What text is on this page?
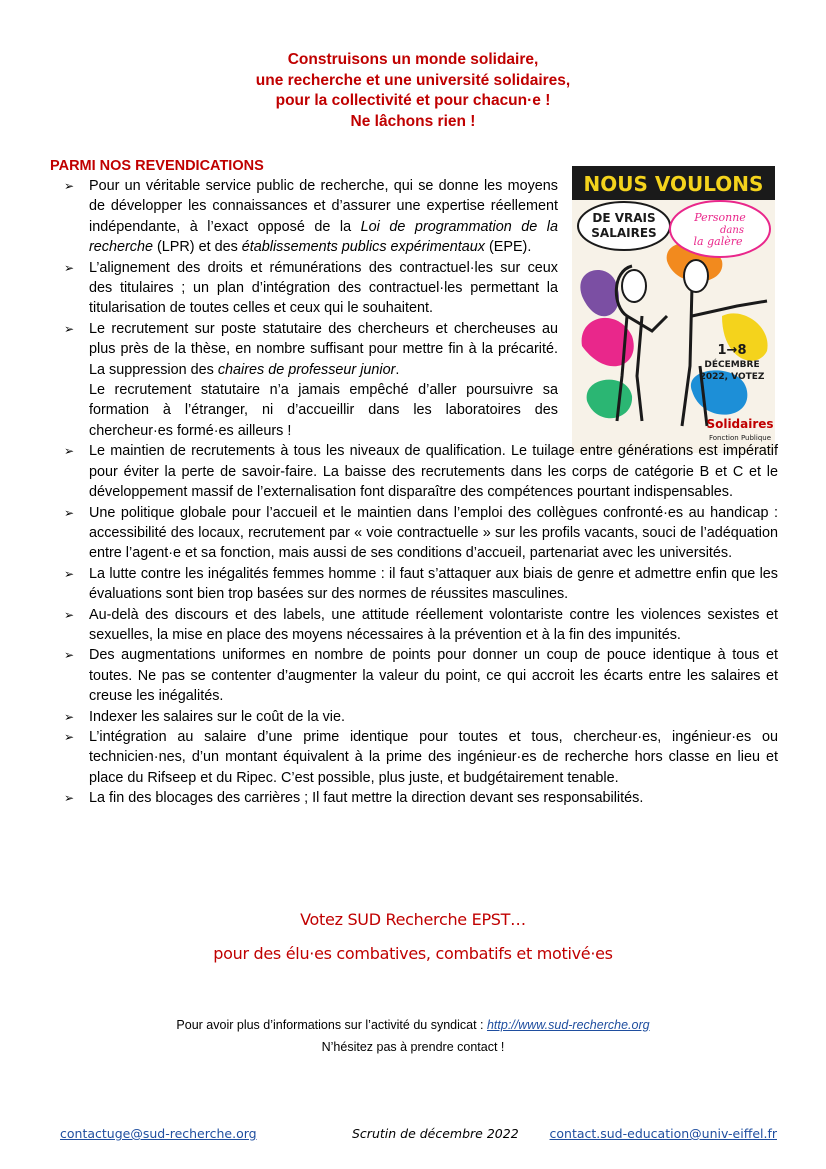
Construisons un monde solidaire,
une recherche et une université solidaires,
pour la collectivité et pour chacun·e !
Ne lâchons rien !
PARMI NOS REVENDICATIONS
NOUS VOULONS
DE VRAIS
SALAIRES
Personne
dans
la galère
1→8
DÉCEMBRE
2022, VOTEZ
Solidaires
Fonction Publique
➢ Pour un véritable service public de recherche, qui se donne les moyens de développer les connaissances et d’assurer une expertise réellement indépendante, à l’exact opposé de la Loi de programmation de la recherche (LPR) et des établissements publics expérimentaux (EPE).
➢ L’alignement des droits et rémunérations des contractuel·les sur ceux des titulaires ; un plan d’intégration des contractuel·les permettant la titularisation de toutes celles et ceux qui le souhaitent.
➢ Le recrutement sur poste statutaire des chercheurs et chercheuses au plus près de la thèse, en nombre suffisant pour mettre fin à la précarité. La suppression des chaires de professeur junior.
Le recrutement statutaire n’a jamais empêché d’aller poursuivre sa formation à l’étranger, ni d’accueillir dans les laboratoires des chercheur·es formé·es ailleurs !
➢ Le maintien de recrutements à tous les niveaux de qualification. Le tuilage entre générations est impératif pour éviter la perte de savoir-faire. La baisse des recrutements dans les corps de catégorie B et C et le développement massif de l’externalisation font disparaître des compétences pourtant indispensables.
➢ Une politique globale pour l’accueil et le maintien dans l’emploi des collègues confronté·es au handicap : accessibilité des locaux, recrutement par « voie contractuelle » sur les profils vacants, souci de l’adéquation entre l’agent·e et sa fonction, mais aussi de ses conditions d’accueil, partenariat avec les universités.
➢ La lutte contre les inégalités femmes homme : il faut s’attaquer aux biais de genre et admettre enfin que les évaluations sont bien trop basées sur des normes de réussites masculines.
➢ Au-delà des discours et des labels, une attitude réellement volontariste contre les violences sexistes et sexuelles, la mise en place des moyens nécessaires à la prévention et à la fin des impunités.
➢ Des augmentations uniformes en nombre de points pour donner un coup de pouce identique à tous et toutes. Ne pas se contenter d’augmenter la valeur du point, ce qui accroit les écarts entre les salaires et creuse les inégalités.
➢ Indexer les salaires sur le coût de la vie.
➢ L’intégration au salaire d’une prime identique pour toutes et tous, chercheur·es, ingénieur·es ou technicien·nes, d’un montant équivalent à la prime des ingénieur·es de recherche hors classe en lieu et place du Rifseep et du Ripec. C’est possible, plus juste, et budgétairement tenable.
➢ La fin des blocages des carrières ; Il faut mettre la direction devant ses responsabilités.
Votez SUD Recherche EPST…
pour des élu·es combatives, combatifs et motivé·es
Pour avoir plus d’informations sur l’activité du syndicat : http://www.sud-recherche.org
N’hésitez pas à prendre contact !
contactuge@sud-recherche.org	Scrutin de décembre 2022 contact.sud-education@univ-eiffel.fr
